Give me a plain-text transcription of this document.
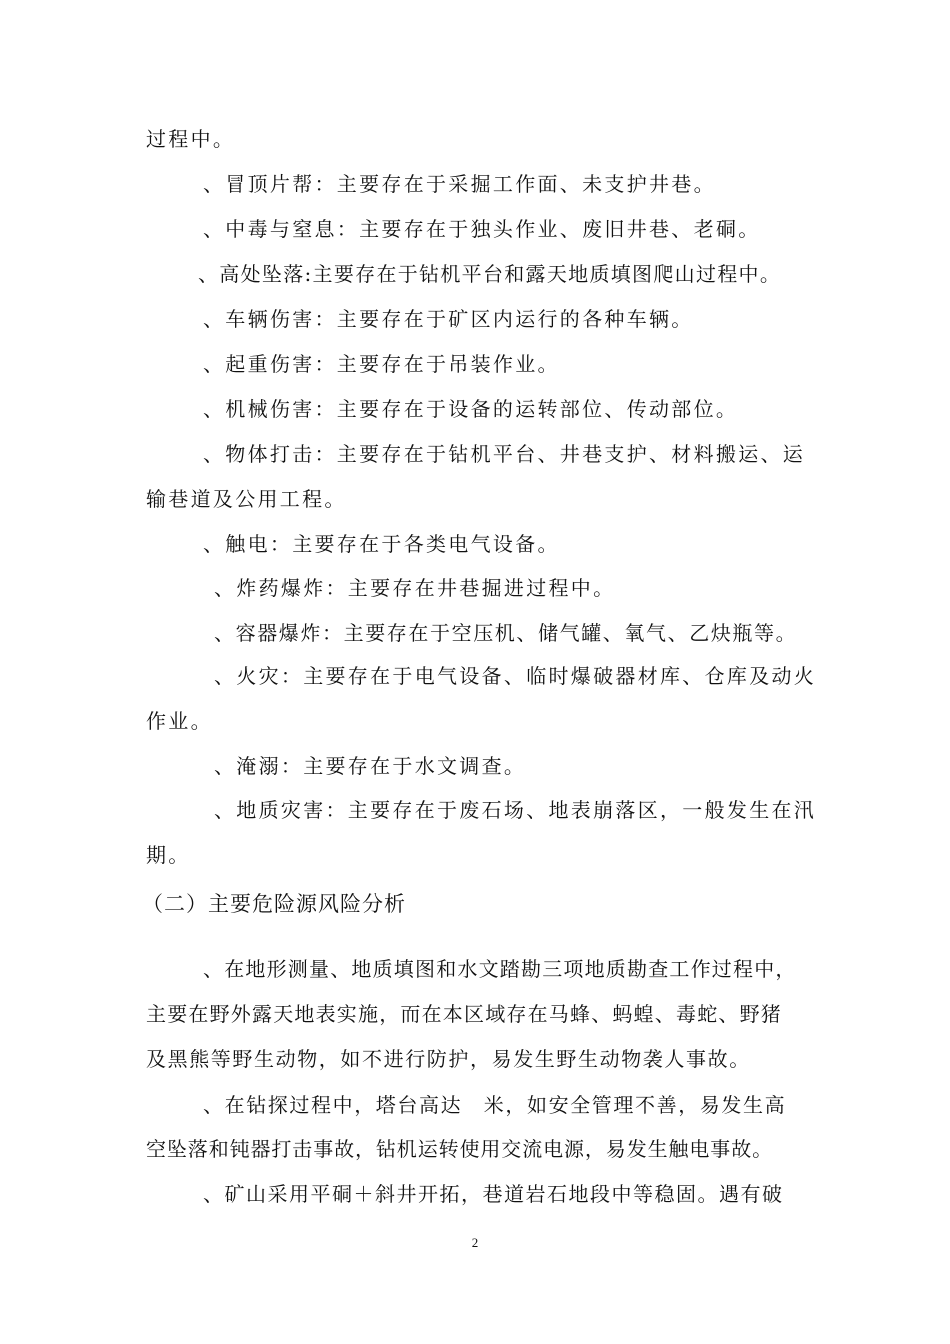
过程中。
、冒顶片帮：主要存在于采掘工作面、未支护井巷。
、中毒与窒息：主要存在于独头作业、废旧井巷、老硐。
、高处坠落:主要存在于钻机平台和露天地质填图爬山过程中。
、车辆伤害：主要存在于矿区内运行的各种车辆。
、起重伤害：主要存在于吊装作业。
、机械伤害：主要存在于设备的运转部位、传动部位。
、物体打击：主要存在于钻机平台、井巷支护、材料搬运、运
输巷道及公用工程。
、触电：主要存在于各类电气设备。
、炸药爆炸：主要存在井巷掘进过程中。
、容器爆炸：主要存在于空压机、储气罐、氧气、乙炔瓶等。
、火灾：主要存在于电气设备、临时爆破器材库、仓库及动火
作业。
、淹溺：主要存在于水文调查。
、地质灾害：主要存在于废石场、地表崩落区，一般发生在汛
期。
（二）主要危险源风险分析
、在地形测量、地质填图和水文踏勘三项地质勘查工作过程中，
主要在野外露天地表实施，而在本区域存在马蜂、蚂蝗、毒蛇、野猪
及黑熊等野生动物，如不进行防护，易发生野生动物袭人事故。
、在钻探过程中，塔台高达　米，如安全管理不善，易发生高
空坠落和钝器打击事故，钻机运转使用交流电源，易发生触电事故。
、矿山采用平硐＋斜井开拓，巷道岩石地段中等稳固。遇有破
2
